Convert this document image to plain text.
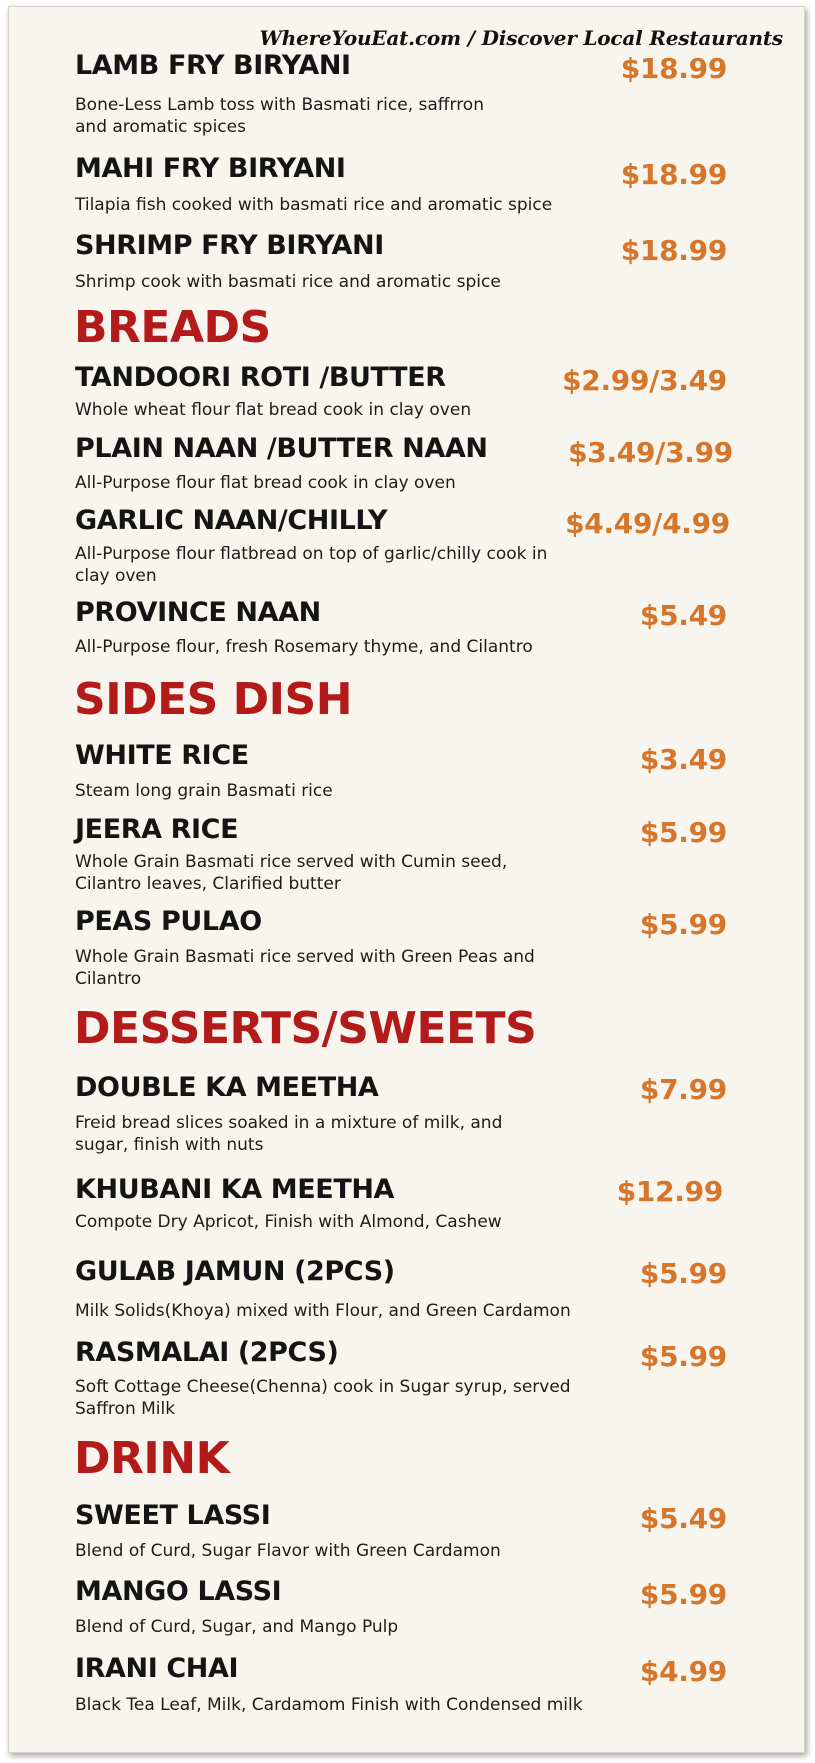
WhereYouEat.com / Discover Local Restaurants
LAMB FRY BIRYANI	$18.99
Bone-Less Lamb toss with Basmati rice, saffrron and aromatic spices
MAHI FRY BIRYANI	$18.99
Tilapia fish cooked with basmati rice and aromatic spice
SHRIMP FRY BIRYANI	$18.99
Shrimp cook with basmati rice and aromatic spice
BREADS
TANDOORI ROTI /BUTTER	$2.99/3.49
Whole wheat flour flat bread cook in clay oven
PLAIN NAAN /BUTTER NAAN	$3.49/3.99
All-Purpose flour flat bread cook in clay oven
GARLIC NAAN/CHILLY	$4.49/4.99
All-Purpose flour flatbread on top of garlic/chilly cook in clay oven
PROVINCE NAAN	$5.49
All-Purpose flour, fresh Rosemary thyme, and Cilantro
SIDES DISH
WHITE RICE	$3.49
Steam long grain Basmati rice
JEERA RICE	$5.99
Whole Grain Basmati rice served with Cumin seed, Cilantro leaves, Clarified butter
PEAS PULAO	$5.99
Whole Grain Basmati rice served with Green Peas and Cilantro
DESSERTS/SWEETS
DOUBLE KA MEETHA	$7.99
Freid bread slices soaked in a mixture of milk, and sugar, finish with nuts
KHUBANI KA MEETHA	$12.99
Compote Dry Apricot, Finish with Almond, Cashew
GULAB JAMUN (2PCS)	$5.99
Milk Solids(Khoya) mixed with Flour, and Green Cardamon
RASMALAI (2PCS)	$5.99
Soft Cottage Cheese(Chenna) cook in Sugar syrup, served Saffron Milk
DRINK
SWEET LASSI	$5.49
Blend of Curd, Sugar Flavor with Green Cardamon
MANGO LASSI	$5.99
Blend of Curd, Sugar, and Mango Pulp
IRANI CHAI	$4.99
Black Tea Leaf, Milk, Cardamom Finish with Condensed milk
